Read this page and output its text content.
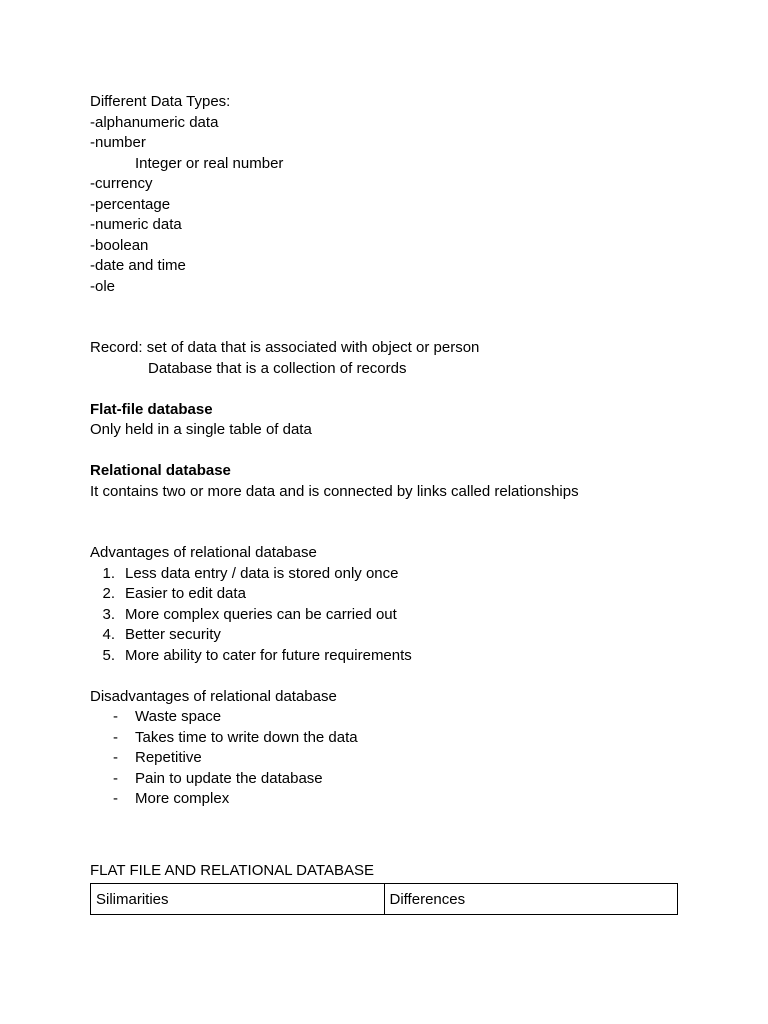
Different Data Types:
-alphanumeric data
-number
Integer or real number
-currency
-percentage
-numeric data
-boolean
-date and time
-ole
Record: set of data that is associated with object or person
Database that is a collection of records
Flat-file database
Only held in a single table of data
Relational database
It contains two or more data and is connected by links called relationships
Advantages of relational database
1. Less data entry / data is stored only once
2. Easier to edit data
3. More complex queries can be carried out
4. Better security
5. More ability to cater for future requirements
Disadvantages of relational database
-	Waste space
-	Takes time to write down the data
-	Repetitive
-	Pain to update the database
-	More complex
FLAT FILE AND RELATIONAL DATABASE
Silimarities	Differences
